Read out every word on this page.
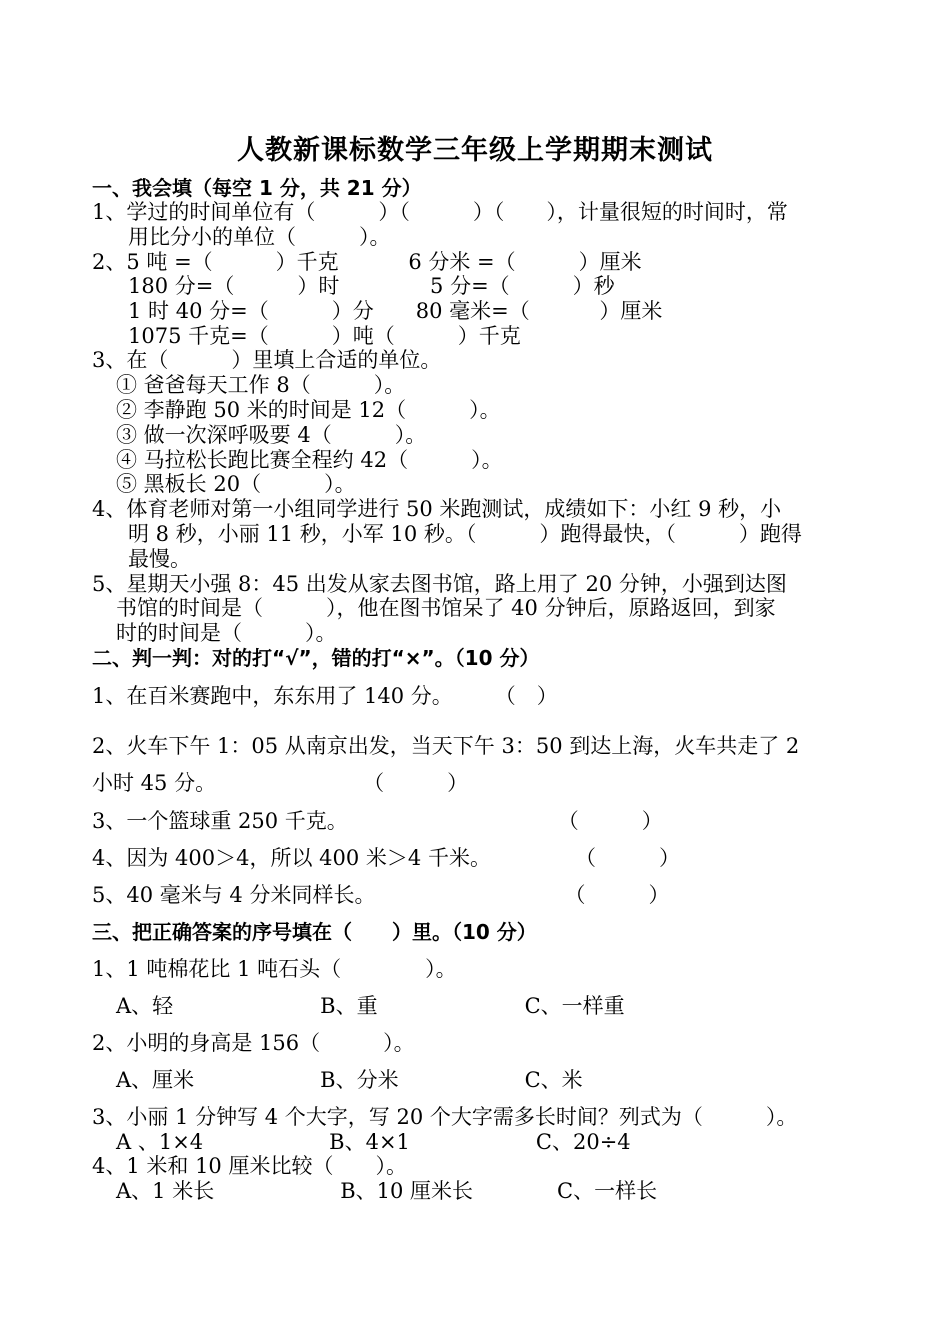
人教新课标数学三年级上学期期末测试
一、我会填（每空 1 分，共 21 分）
1、学过的时间单位有（　　　）（　　　）（　　），计量很短的时间时，常
用比分小的单位（　　　）。
2、5 吨 =（　　　）千克　　　 6 分米 =（　　　）厘米
180 分=（　　　）时　　　　 5 分=（　　　）秒
1 时 40 分=（　　　）分　　80 毫米=（　　　 ）厘米
1075 千克=（　　　）吨（　　　）千克
3、在（　　　）里填上合适的单位。
① 爸爸每天工作 8（　　　）。
② 李静跑 50 米的时间是 12（　　　）。
③ 做一次深呼吸要 4（　　　）。
④ 马拉松长跑比赛全程约 42（　　　）。
⑤ 黑板长 20（　　　）。
4、体育老师对第一小组同学进行 50 米跑测试，成绩如下：小红 9 秒，小
明 8 秒，小丽 11 秒，小军 10 秒。（　　　）跑得最快，（　　　）跑得
最慢。
5、星期天小强 8：45 出发从家去图书馆，路上用了 20 分钟，小强到达图
书馆的时间是（　　　），他在图书馆呆了 40 分钟后，原路返回，到家
时的时间是（　　　）。
二、判一判：对的打“√”，错的打“×”。（10 分）
1、在百米赛跑中，东东用了 140 分。　　　（　）
2、火车下午 1：05 从南京出发，当天下午 3：50 到达上海，火车共走了 2
小时 45 分。　　　　　　　　（　　　）
3、一个篮球重 250 千克。　　　　　　　　　　　（　　　）
4、因为 400＞4，所以 400 米＞4 千米。　　　　　（　　　）
5、40 毫米与 4 分米同样长。　　　　　　　　　　（　　　）
三、把正确答案的序号填在（　　）里。（10 分）
1、1 吨棉花比 1 吨石头（　　　　）。
A、轻　　　　　　　B、重　　　　　　　C、一样重
2、小明的身高是 156（　　　）。
A、厘米　　　　　　B、分米　　　　　　C、米
3、小丽 1 分钟写 4 个大字，写 20 个大字需多长时间？列式为（　　　）。
A 、1×4　　　　　　B、4×1　　　　　　C、20÷4
4、1 米和 10 厘米比较（　　）。
A、1 米长　　　　　　B、10 厘米长　　　　C、一样长
